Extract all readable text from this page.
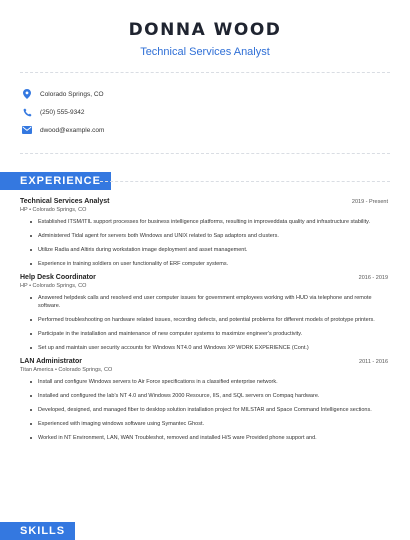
DONNA WOOD
Technical Services Analyst
Colorado Springs, CO
(250) 555-9342
dwood@example.com
EXPERIENCE
Technical Services Analyst	2019 - Present
HP • Colorado Springs, CO
Established ITSM/ITIL support processes for business intelligence platforms, resulting in improveddata quality and infrastructure stability.
Administered Tidal agent for servers both Windows and UNIX related to Sap adaptors and clusters.
Utilize Radia and Altiris during workstation image deployment and asset management.
Experience in training soldiers on user functionality of ERF computer systems.
Help Desk Coordinator	2016 - 2019
HP • Colorado Springs, CO
Answered helpdesk calls and resolved end user computer issues for government employees working with HUD via telephone and remote software.
Performed troubleshooting on hardware related issues, recording defects, and potential problems for different models of prototype printers.
Participate in the installation and maintenance of new computer systems to maximize engineer's productivity.
Set up and maintain user security accounts for Windows NT4.0 and Windows XP WORK EXPERIENCE (Cont.)
LAN Administrator	2011 - 2016
Titan America • Colorado Springs, CO
Install and configure Windows servers to Air Force specifications in a classified enterprise network.
Installed and configured the lab's NT 4.0 and Windows 2000 Resource, IIS, and SQL servers on Compaq hardware.
Developed, designed, and managed fiber to desktop solution installation project for MILSTAR and Space Command Intelligence sections.
Experienced with imaging windows software using Symantec Ghost.
Worked in NT Environment, LAN, WAN Troubleshot, removed and installed H/S ware Provided phone support and.
SKILLS
